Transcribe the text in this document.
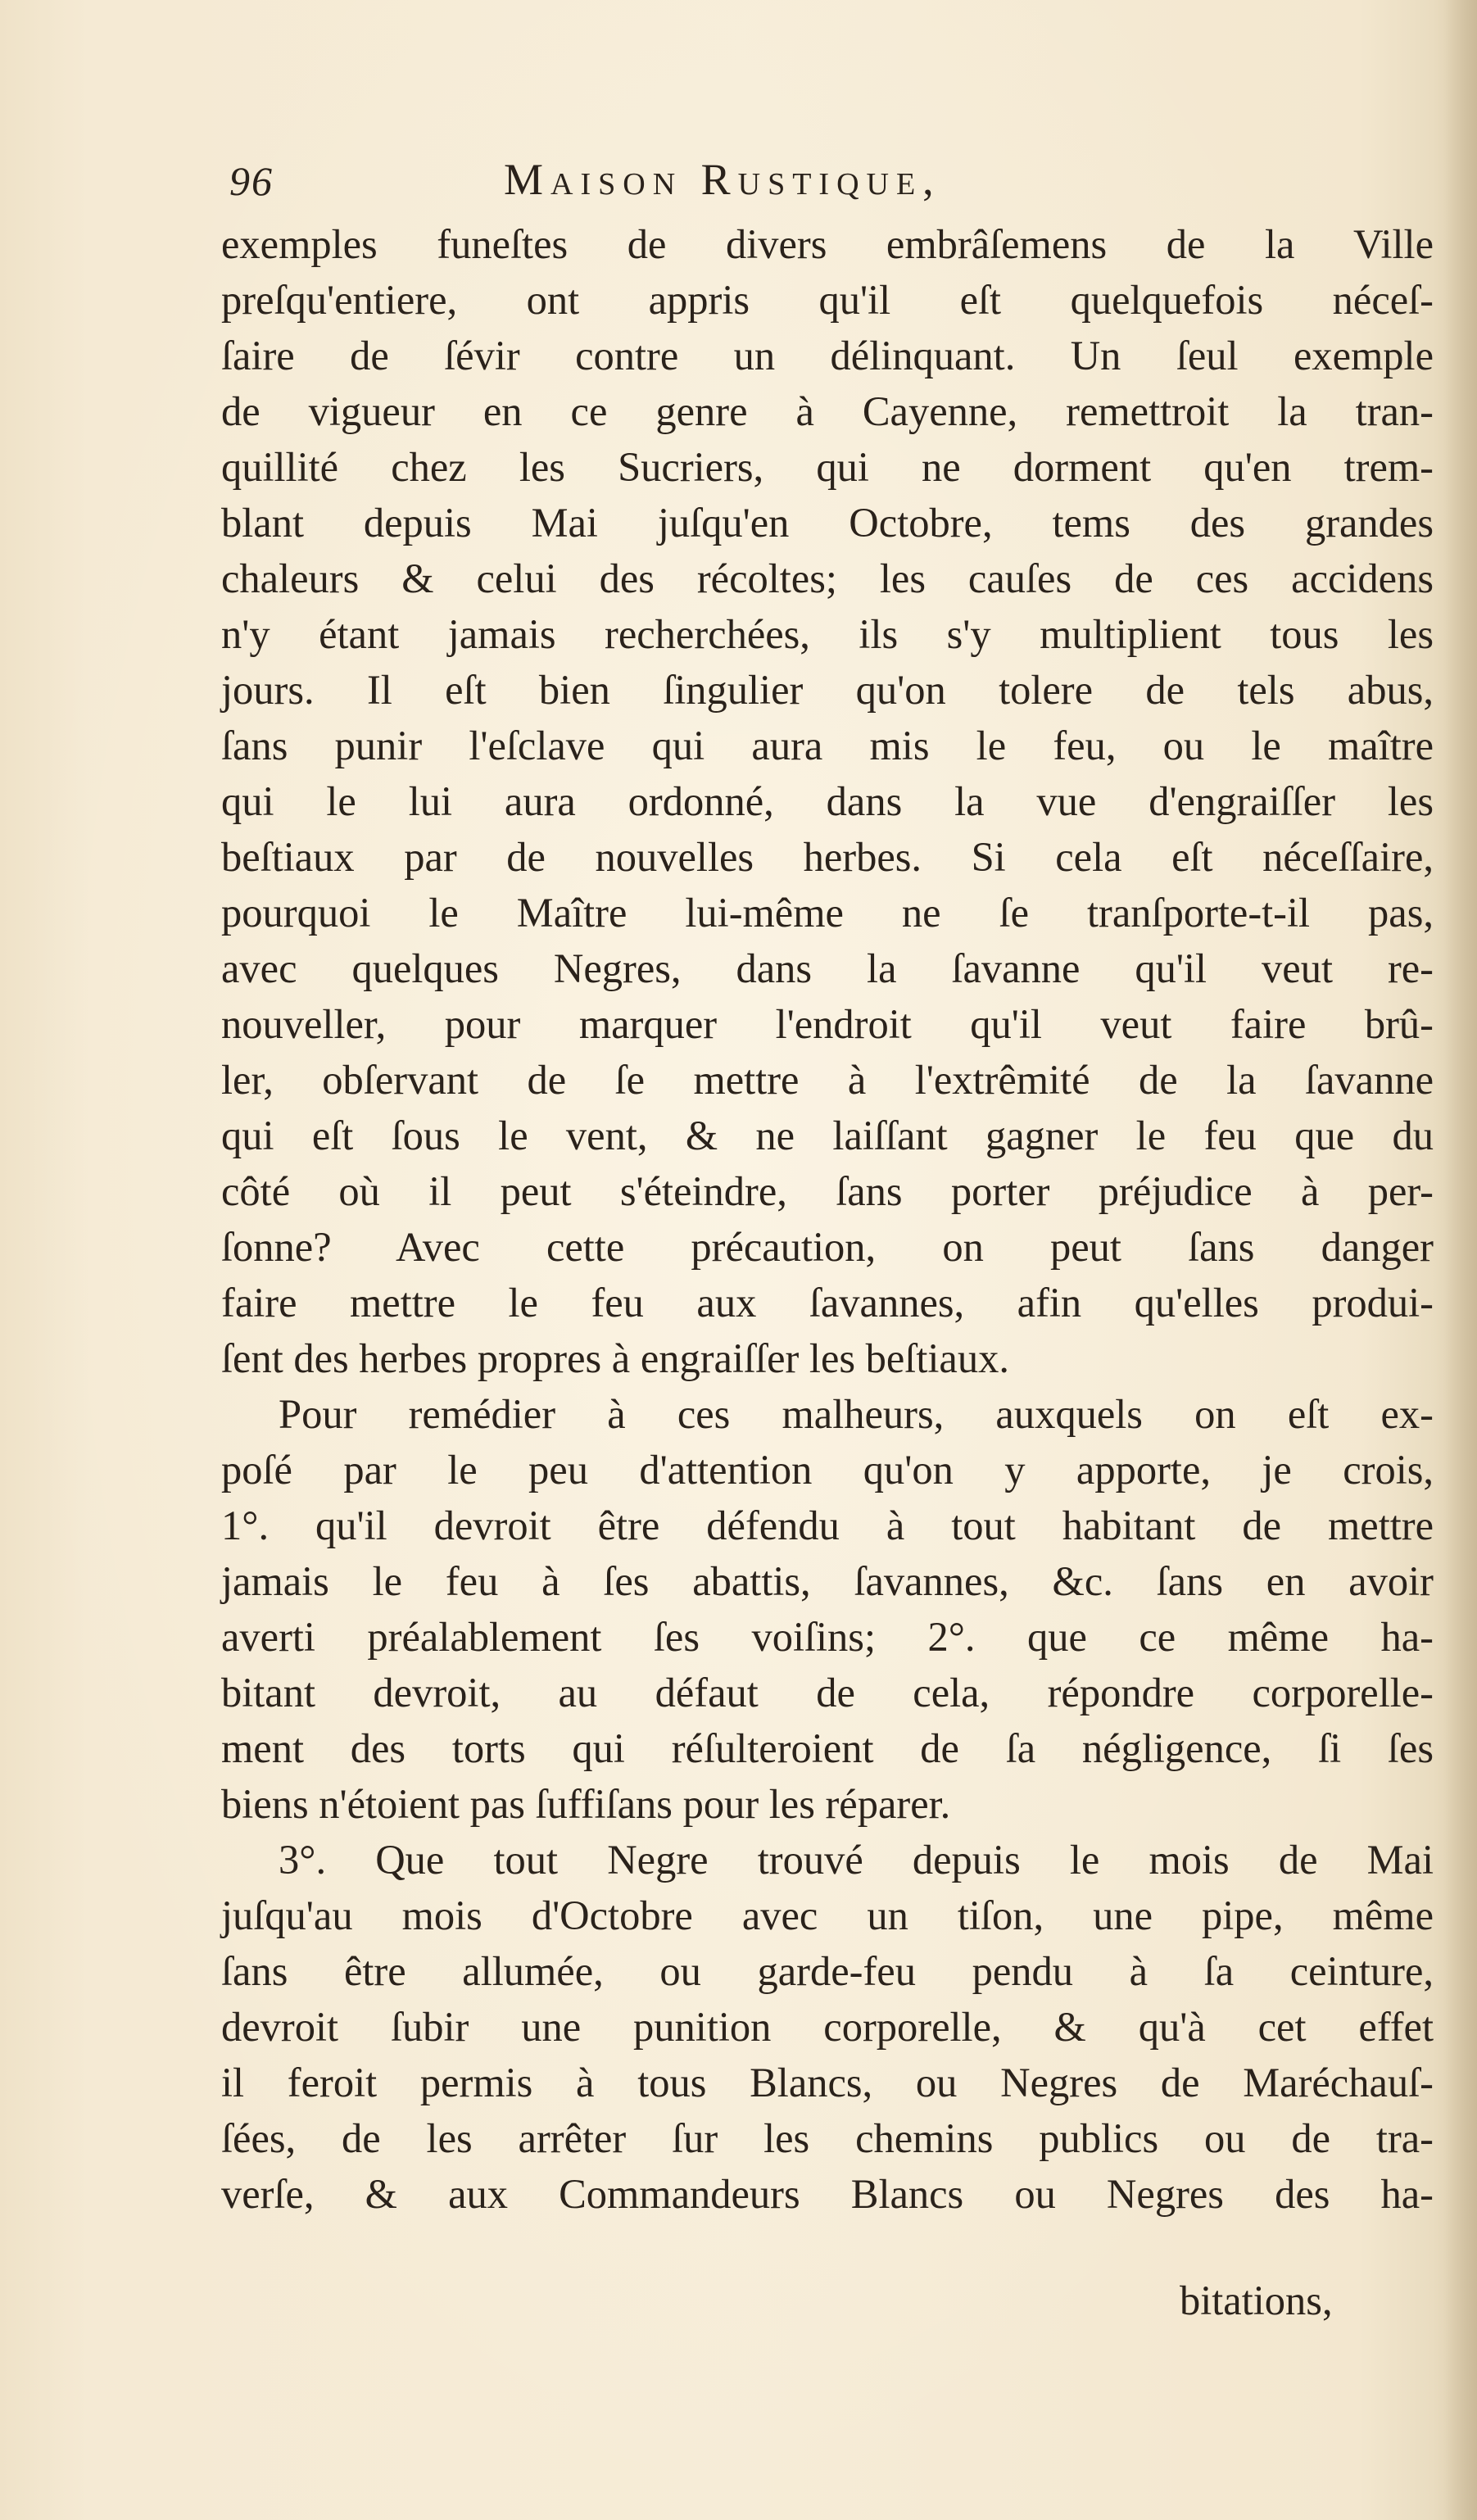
96	Maison Rustique,
exemples funeſtes de divers embrâſemens de la Ville
preſqu'entiere, ont appris qu'il eſt quelquefois néceſ-
ſaire de ſévir contre un délinquant. Un ſeul exemple
de vigueur en ce genre à Cayenne, remettroit la tran-
quillité chez les Sucriers, qui ne dorment qu'en trem-
blant depuis Mai juſqu'en Octobre, tems des grandes
chaleurs & celui des récoltes; les cauſes de ces accidens
n'y étant jamais recherchées, ils s'y multiplient tous les
jours. Il eſt bien ſingulier qu'on tolere de tels abus,
ſans punir l'eſclave qui aura mis le feu, ou le maître
qui le lui aura ordonné, dans la vue d'engraiſſer les
beſtiaux par de nouvelles herbes. Si cela eſt néceſſaire,
pourquoi le Maître lui-même ne ſe tranſporte-t-il pas,
avec quelques Negres, dans la ſavanne qu'il veut re-
nouveller, pour marquer l'endroit qu'il veut faire brû-
ler, obſervant de ſe mettre à l'extrêmité de la ſavanne
qui eſt ſous le vent, & ne laiſſant gagner le feu que du
côté où il peut s'éteindre, ſans porter préjudice à per-
ſonne? Avec cette précaution, on peut ſans danger
faire mettre le feu aux ſavannes, afin qu'elles produi-
ſent des herbes propres à engraiſſer les beſtiaux.
Pour remédier à ces malheurs, auxquels on eſt ex-
poſé par le peu d'attention qu'on y apporte, je crois,
1°. qu'il devroit être défendu à tout habitant de mettre
jamais le feu à ſes abattis, ſavannes, &c. ſans en avoir
averti préalablement ſes voiſins; 2°. que ce même ha-
bitant devroit, au défaut de cela, répondre corporelle-
ment des torts qui réſulteroient de ſa négligence, ſi ſes
biens n'étoient pas ſuffiſans pour les réparer.
3°. Que tout Negre trouvé depuis le mois de Mai
juſqu'au mois d'Octobre avec un tiſon, une pipe, même
ſans être allumée, ou garde-feu pendu à ſa ceinture,
devroit ſubir une punition corporelle, & qu'à cet effet
il feroit permis à tous Blancs, ou Negres de Maréchauſ-
ſées, de les arrêter ſur les chemins publics ou de tra-
verſe, & aux Commandeurs Blancs ou Negres des ha-
bitations,
